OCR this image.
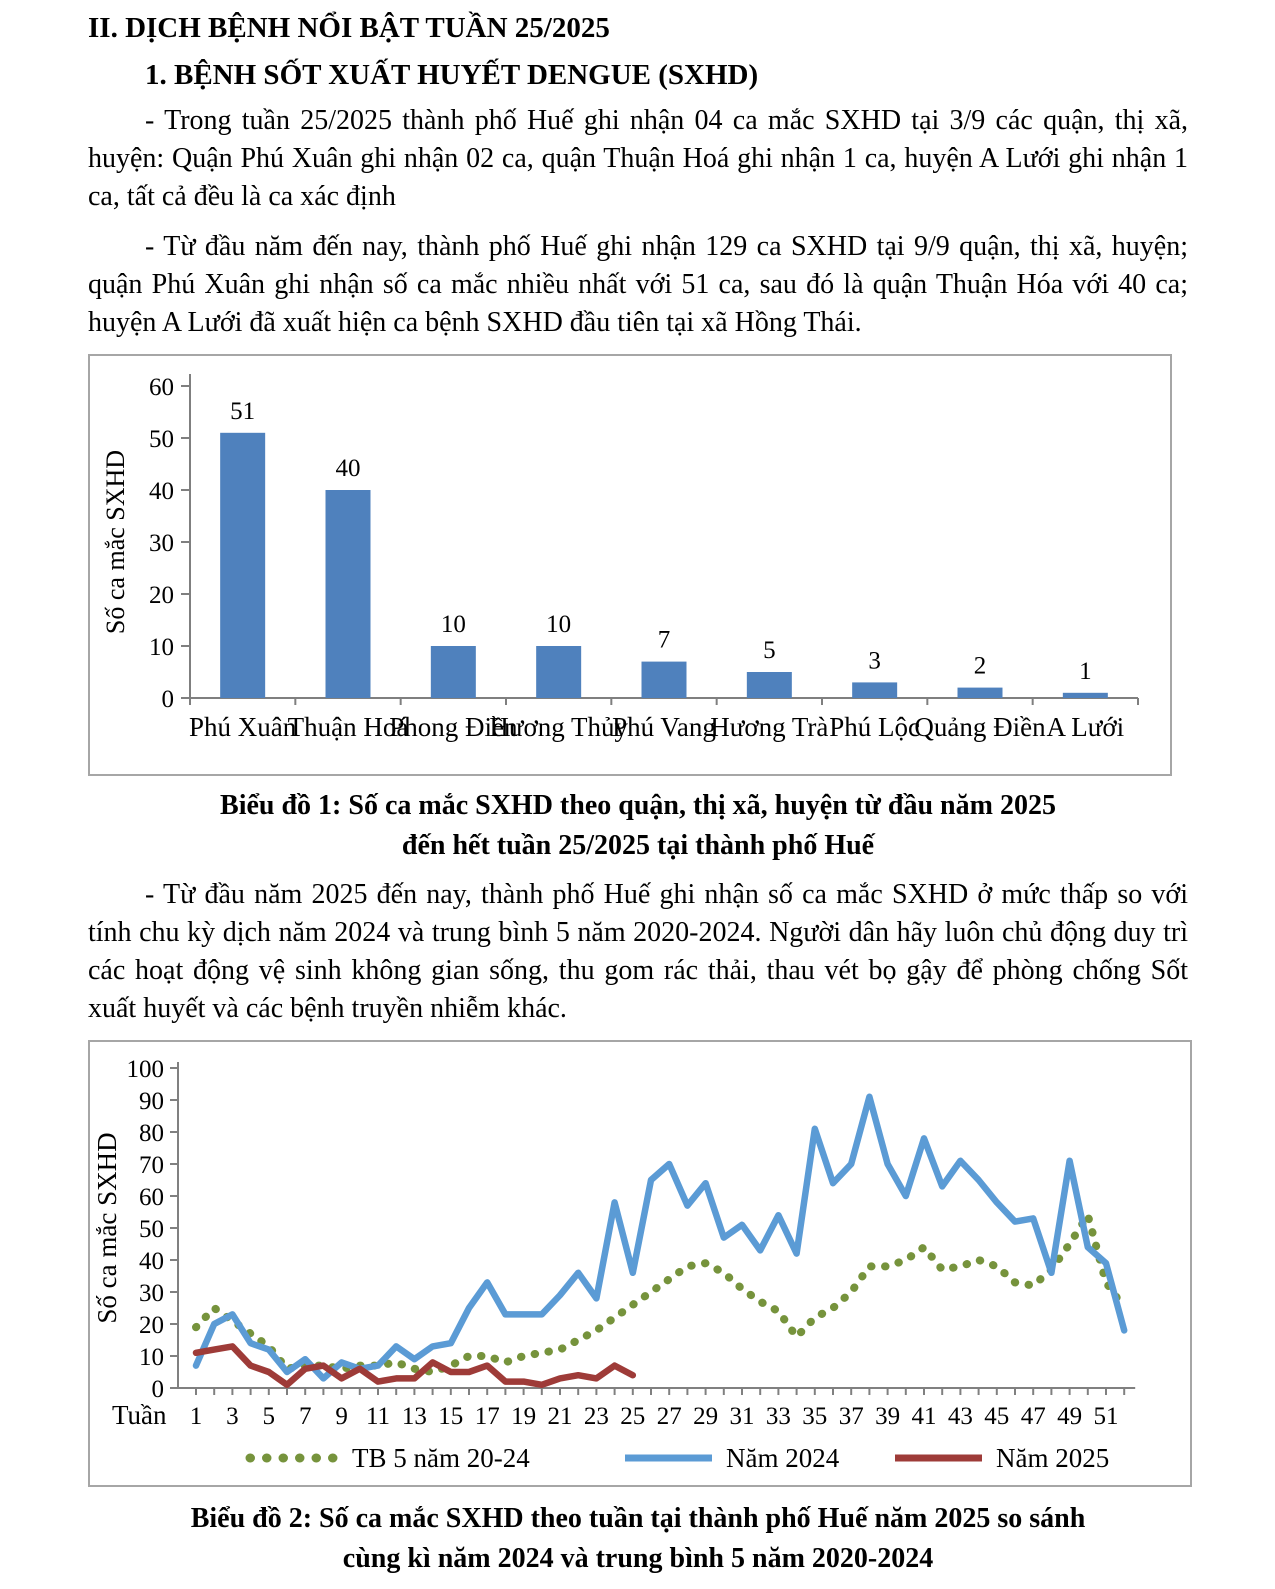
II. DỊCH BỆNH NỔI BẬT TUẦN 25/2025
1. BỆNH SỐT XUẤT HUYẾT DENGUE (SXHD)

- Trong tuần 25/2025 thành phố Huế ghi nhận 04 ca mắc SXHD tại 3/9 các quận, thị xã, huyện: Quận Phú Xuân ghi nhận 02 ca, quận Thuận Hoá ghi nhận 1 ca, huyện A Lưới ghi nhận 1 ca, tất cả đều là ca xác định

- Từ đầu năm đến nay, thành phố Huế ghi nhận 129 ca SXHD tại 9/9 quận, thị xã, huyện; quận Phú Xuân ghi nhận số ca mắc nhiều nhất với 51 ca, sau đó là quận Thuận Hóa với 40 ca; huyện A Lưới đã xuất hiện ca bệnh SXHD đầu tiên tại xã Hồng Thái.

0
10
20
30
40
50
60
51
Phú Xuân
40
Thuận Hoá
10
Phong Điền
10
Hương Thủy
7
Phú Vang
5
Hương Trà
3
Phú Lộc
2
Quảng Điền
1
A Lưới
Số ca mắc SXHD
Biểu đồ 1: Số ca mắc SXHD theo quận, thị xã, huyện từ đầu năm 2025
đến hết tuần 25/2025 tại thành phố Huế

- Từ đầu năm 2025 đến nay, thành phố Huế ghi nhận số ca mắc SXHD ở mức thấp so với tính chu kỳ dịch năm 2024 và trung bình 5 năm 2020-2024. Người dân hãy luôn chủ động duy trì các hoạt động vệ sinh không gian sống, thu gom rác thải, thau vét bọ gậy để phòng chống Sốt xuất huyết và các bệnh truyền nhiễm khác.

0
10
20
30
40
50
60
70
80
90
100
1 3 5 7 9 11 13 15 17 19 21 23 25 27 29 31 33 35 37 39 41 43 45 47 49 51
Tuần
Số ca mắc SXHD
TB 5 năm 20-24	Năm 2024	Năm 2025
Biểu đồ 2: Số ca mắc SXHD theo tuần tại thành phố Huế năm 2025 so sánh
cùng kì năm 2024 và trung bình 5 năm 2020-2024
